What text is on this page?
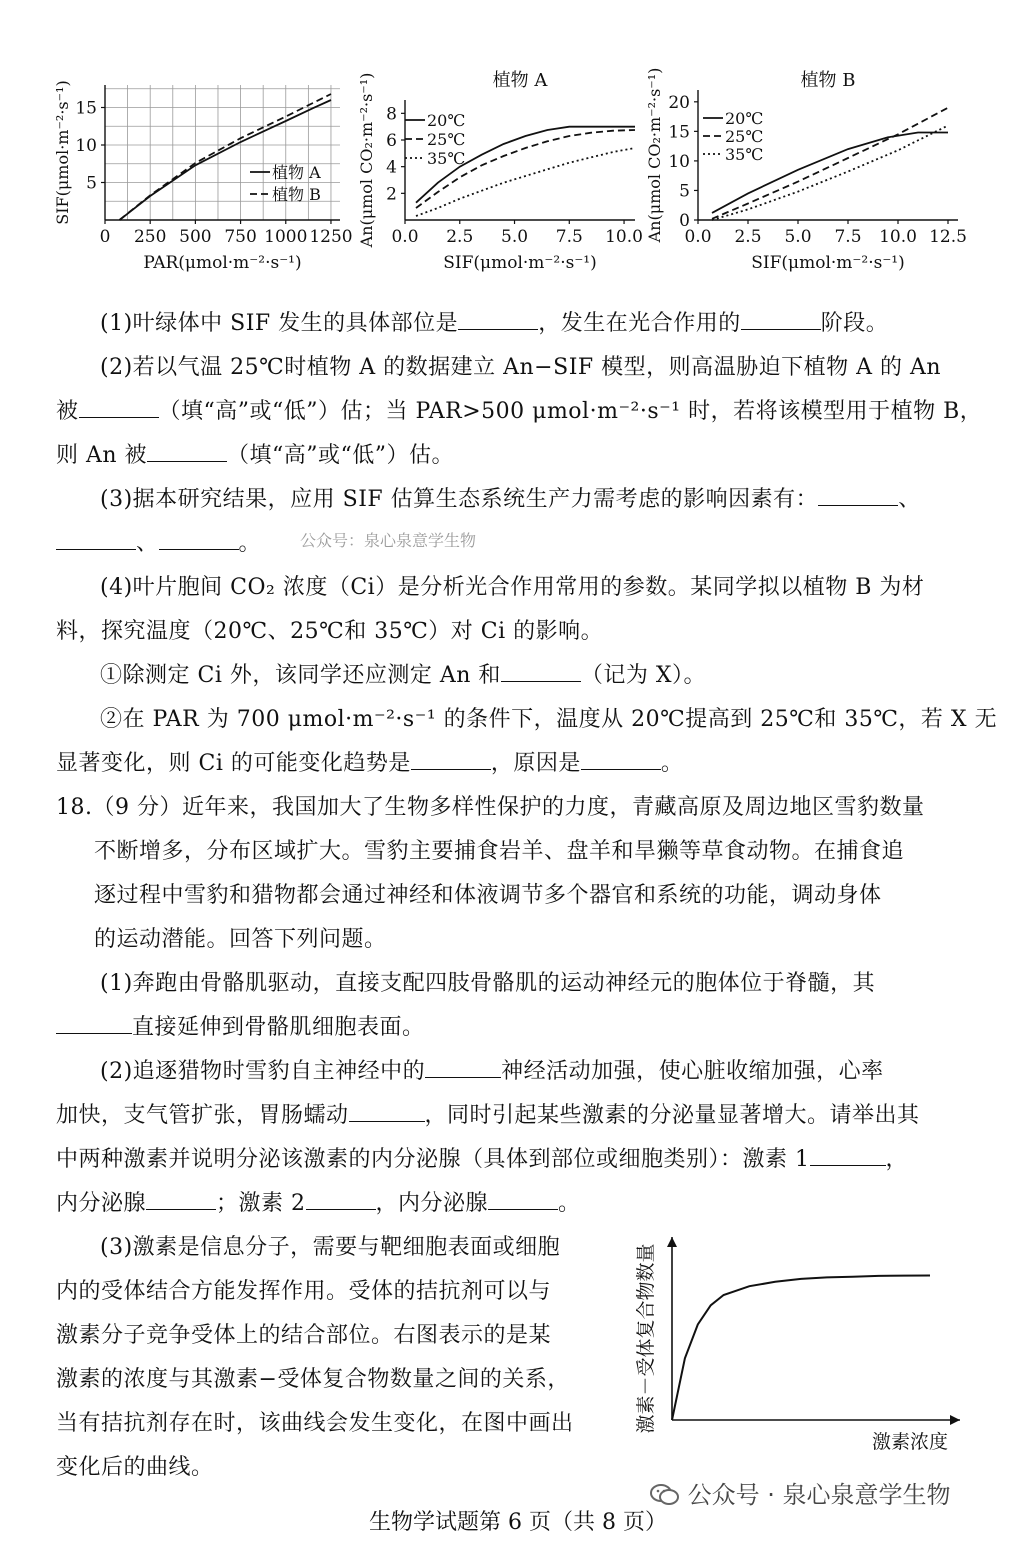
0 250 500 750 1000 1250
5
10
15
PAR(μmol·m⁻²·s⁻¹)
SIF(μmol·m⁻²·s⁻¹)	植物 A
植物 B
0.0 2.5 5.0 7.5 10.0
2
4
6
8
SIF(μmol·m⁻²·s⁻¹)
An(μmol CO₂·m⁻²·s⁻¹)	植物 A
20℃
25℃
35℃
0.0 2.5 5.0 7.5 10.0 12.5
0
5
10
15
20
SIF(μmol·m⁻²·s⁻¹)
An(μmol CO₂·m⁻²·s⁻¹)	植物 B
20℃
25℃
35℃
(1)叶绿体中 SIF 发生的具体部位是	，发生在光合作用的	阶段。
(2)若以气温 25℃时植物 A 的数据建立 An−SIF 模型，则高温胁迫下植物 A 的 An
被	（填“高”或“低”）估；当 PAR>500 μmol·m⁻²·s⁻¹ 时，若将该模型用于植物 B，
则 An 被	（填“高”或“低”）估。
(3)据本研究结果，应用 SIF 估算生态系统生产力需考虑的影响因素有：	、
、	。 公众号：泉心泉意学生物
(4)叶片胞间 CO₂ 浓度（Ci）是分析光合作用常用的参数。某同学拟以植物 B 为材
料，探究温度（20℃、25℃和 35℃）对 Ci 的影响。
①除测定 Ci 外，该同学还应测定 An 和	（记为 X）。
②在 PAR 为 700 μmol·m⁻²·s⁻¹ 的条件下，温度从 20℃提高到 25℃和 35℃，若 X 无
显著变化，则 Ci 的可能变化趋势是	，原因是	。
18.（9 分）近年来，我国加大了生物多样性保护的力度，青藏高原及周边地区雪豹数量
不断增多，分布区域扩大。雪豹主要捕食岩羊、盘羊和旱獭等草食动物。在捕食追
逐过程中雪豹和猎物都会通过神经和体液调节多个器官和系统的功能，调动身体
的运动潜能。回答下列问题。
(1)奔跑由骨骼肌驱动，直接支配四肢骨骼肌的运动神经元的胞体位于脊髓，其
直接延伸到骨骼肌细胞表面。
(2)追逐猎物时雪豹自主神经中的	神经活动加强，使心脏收缩加强，心率
加快，支气管扩张，胃肠蠕动	，同时引起某些激素的分泌量显著增大。请举出其
中两种激素并说明分泌该激素的内分泌腺（具体到部位或细胞类别）：激素 1	，
内分泌腺	；激素 2	，内分泌腺	。
(3)激素是信息分子，需要与靶细胞表面或细胞
内的受体结合方能发挥作用。受体的拮抗剂可以与
激素分子竞争受体上的结合部位。右图表示的是某
激素的浓度与其激素−受体复合物数量之间的关系，
当有拮抗剂存在时，该曲线会发生变化，在图中画出
变化后的曲线。
激素浓度
激素－受体复合物数量
公众号 · 泉心泉意学生物
生物学试题第 6 页（共 8 页）
